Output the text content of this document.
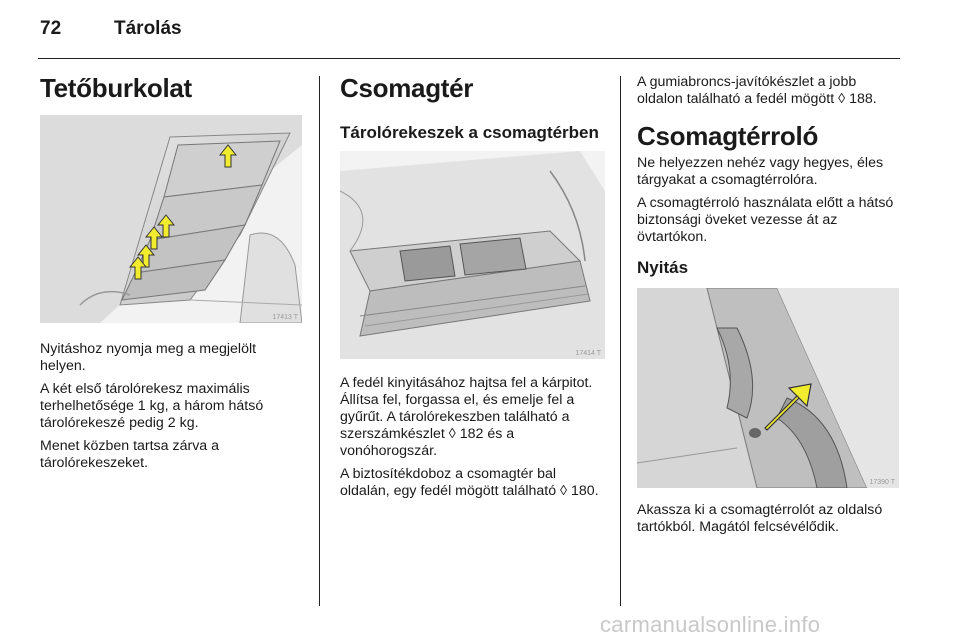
72	Tárolás
Tetőburkolat
17413 T

Nyitáshoz nyomja meg a megjelölt helyen.

A két első tárolórekesz maximális terhelhetősége 1 kg, a három hátsó tárolórekeszé pedig 2 kg.

Menet közben tartsa zárva a tárolórekeszeket.

Csomagtér
Tárolórekeszek a csomagtérben
17414 T

A fedél kinyitásához hajtsa fel a kárpitot. Állítsa fel, forgassa el, és emelje fel a gyűrűt. A tárolórekeszben található a szerszámkészlet ◊ 182 és a vonóhorogszár.

A biztosítékdoboz a csomagtér bal oldalán, egy fedél mögött található ◊ 180.

A gumiabroncs-javítókészlet a jobb oldalon található a fedél mögött ◊ 188.

Csomagtérroló

Ne helyezzen nehéz vagy hegyes, éles tárgyakat a csomagtérrolóra.

A csomagtérroló használata előtt a hátsó biztonsági öveket vezesse át az övtartókon.

Nyitás
17390 T

Akassza ki a csomagtérrolót az oldalsó tartókból. Magától felcsévélődik.

carmanualsonline.info
